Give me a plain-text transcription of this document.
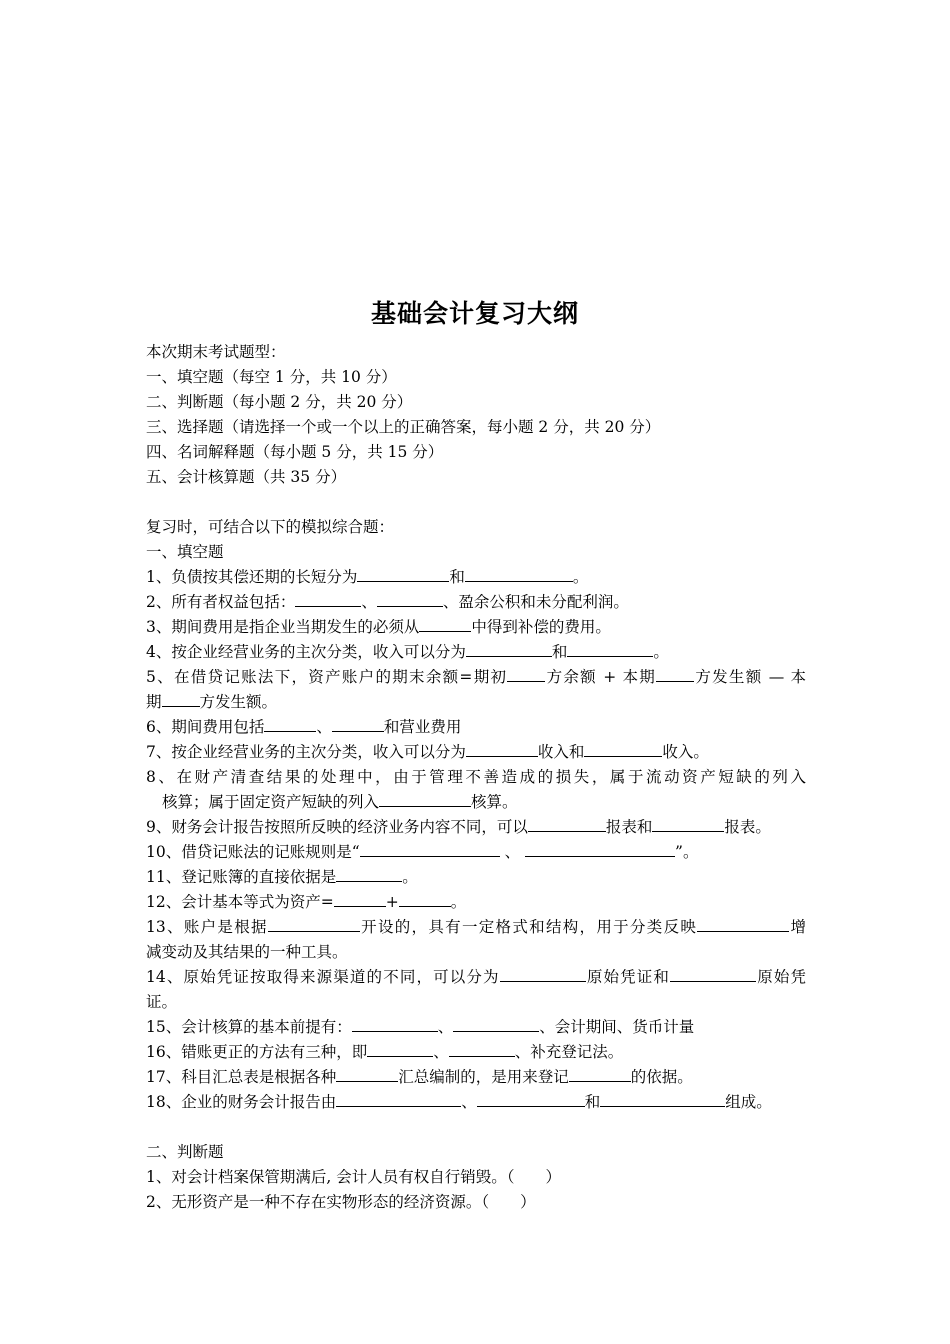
基础会计复习大纲
本次期末考试题型：
一、填空题（每空 1 分，共 10 分）
二、判断题（每小题 2 分，共 20 分）
三、选择题（请选择一个或一个以上的正确答案，每小题 2 分，共 20 分）
四、名词解释题（每小题 5 分，共 15 分）
五、会计核算题（共 35 分）
复习时，可结合以下的模拟综合题：
一、填空题
1、负债按其偿还期的长短分为	和	。
2、所有者权益包括：	、	、盈余公积和未分配利润。
3、期间费用是指企业当期发生的必须从	中得到补偿的费用。
4、按企业经营业务的主次分类，收入可以分为	和	。
5、在借贷记账法下，资产账户的期末余额=期初 方余额 + 本期 方发生额 — 本
期 方发生额。
6、期间费用包括	、	和营业费用
7、按企业经营业务的主次分类，收入可以分为	收入和	收入。
8、在财产清查结果的处理中，由于管理不善造成的损失，属于流动资产短缺的列入
核算；属于固定资产短缺的列入	核算。
9、财务会计报告按照所反映的经济业务内容不同，可以	报表和	报表。
10、借贷记账法的记账规则是“	、	”。
11、登记账簿的直接依据是	。
12、会计基本等式为资产=	+	。
13、账户是根据	开设的，具有一定格式和结构，用于分类反映	增
减变动及其结果的一种工具。
14、原始凭证按取得来源渠道的不同，可以分为	原始凭证和	原始凭
证。
15、会计核算的基本前提有：	、	、会计期间、货币计量
16、错账更正的方法有三种，即	、	、补充登记法。
17、科目汇总表是根据各种	汇总编制的，是用来登记	的依据。
18、企业的财务会计报告由	、	和	组成。
二、判断题
1、对会计档案保管期满后, 会计人员有权自行销毁。（　　）
2、无形资产是一种不存在实物形态的经济资源。（　　）
